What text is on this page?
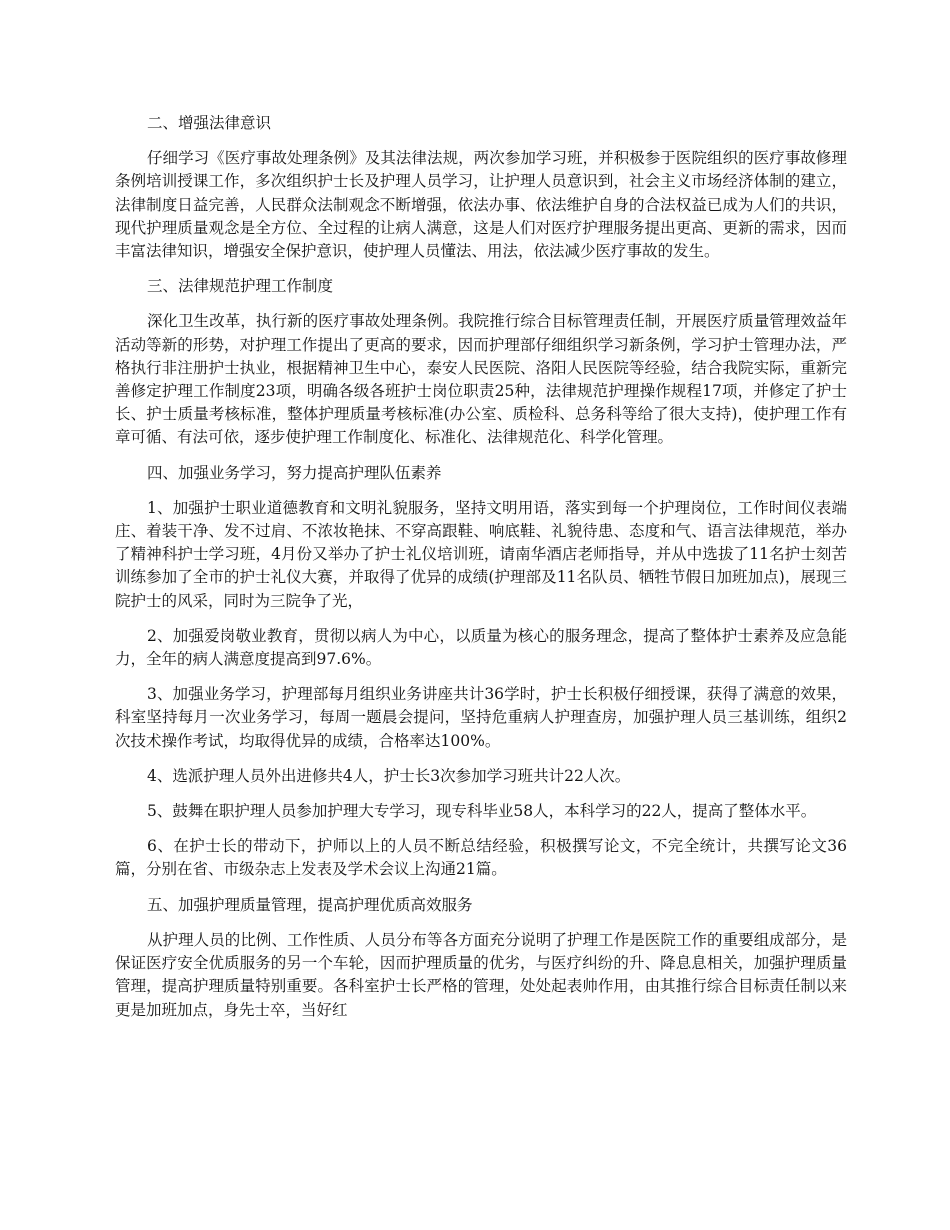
二、增强法律意识

仔细学习《医疗事故处理条例》及其法律法规，两次参加学习班，并积极参于医院组织的医疗事故修理条例培训授课工作，多次组织护士长及护理人员学习，让护理人员意识到，社会主义市场经济体制的建立，法律制度日益完善，人民群众法制观念不断增强，依法办事、依法维护自身的合法权益已成为人们的共识，现代护理质量观念是全方位、全过程的让病人满意，这是人们对医疗护理服务提出更高、更新的需求，因而丰富法律知识，增强安全保护意识，使护理人员懂法、用法，依法减少医疗事故的发生。

三、法律规范护理工作制度

深化卫生改革，执行新的医疗事故处理条例。我院推行综合目标管理责任制，开展医疗质量管理效益年活动等新的形势，对护理工作提出了更高的要求，因而护理部仔细组织学习新条例，学习护士管理办法，严格执行非注册护士执业，根据精神卫生中心，泰安人民医院、洛阳人民医院等经验，结合我院实际，重新完善修定护理工作制度23项，明确各级各班护士岗位职责25种，法律规范护理操作规程17项，并修定了护士长、护士质量考核标准，整体护理质量考核标准(办公室、质检科、总务科等给了很大支持)，使护理工作有章可循、有法可依，逐步使护理工作制度化、标准化、法律规范化、科学化管理。

四、加强业务学习，努力提高护理队伍素养

1、加强护士职业道德教育和文明礼貌服务，坚持文明用语，落实到每一个护理岗位，工作时间仪表端庄、着装干净、发不过肩、不浓妆艳抹、不穿高跟鞋、响底鞋、礼貌待患、态度和气、语言法律规范，举办了精神科护士学习班，4月份又举办了护士礼仪培训班，请南华酒店老师指导，并从中选拔了11名护士刻苦训练参加了全市的护士礼仪大赛，并取得了优异的成绩(护理部及11名队员、牺牲节假日加班加点)，展现三院护士的风采，同时为三院争了光，

2、加强爱岗敬业教育，贯彻以病人为中心，以质量为核心的服务理念，提高了整体护士素养及应急能力，全年的病人满意度提高到97.6%。

3、加强业务学习，护理部每月组织业务讲座共计36学时，护士长积极仔细授课，获得了满意的效果，科室坚持每月一次业务学习，每周一题晨会提问，坚持危重病人护理查房，加强护理人员三基训练，组织2次技术操作考试，均取得优异的成绩，合格率达100%。

4、选派护理人员外出进修共4人，护士长3次参加学习班共计22人次。

5、鼓舞在职护理人员参加护理大专学习，现专科毕业58人，本科学习的22人，提高了整体水平。

6、在护士长的带动下，护师以上的人员不断总结经验，积极撰写论文，不完全统计，共撰写论文36篇，分别在省、市级杂志上发表及学术会议上沟通21篇。

五、加强护理质量管理，提高护理优质高效服务

从护理人员的比例、工作性质、人员分布等各方面充分说明了护理工作是医院工作的重要组成部分，是保证医疗安全优质服务的另一个车轮，因而护理质量的优劣，与医疗纠纷的升、降息息相关，加强护理质量管理，提高护理质量特别重要。各科室护士长严格的管理，处处起表帅作用，由其推行综合目标责任制以来更是加班加点，身先士卒，当好红
